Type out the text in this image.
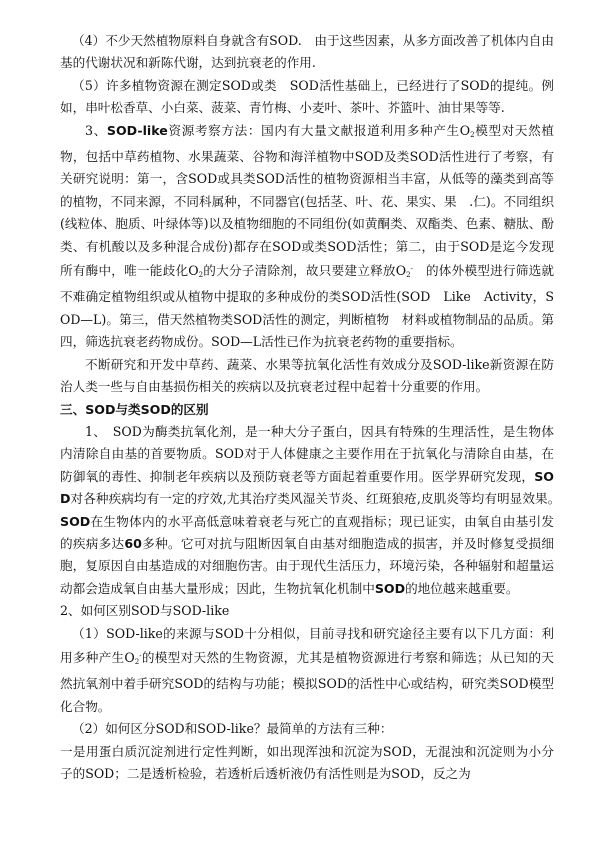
（4）不少天然植物原料自身就含有SOD.　由于这些因素，从多方面改善了机体内自由基的代谢状况和新陈代谢，达到抗衰老的作用.

（5）许多植物资源在测定SOD或类　SOD活性基础上，已经进行了SOD的提纯。例如，串叶松香草、小白菜、菠菜、青竹梅、小麦叶、茶叶、芥篮叶、油甘果等等.

3、SOD-like资源考察方法：国内有大量文献报道利用多种产生$O_2$模型对天然植物，包括中草药植物、水果蔬菜、谷物和海洋植物中SOD及类SOD活性进行了考察，有关研究说明：第一，含SOD或具类SOD活性的植物资源相当丰富，从低等的藻类到高等的植物，不同来源，不同科属种，不同器官(包括茎、叶、花、果实、果　.仁)。不同组织(线粒体、胞质、叶绿体等)以及植物细胞的不同组份(如黄酮类、双酯类、色素、糖肽、酚类、有机酸以及多种混合成份)都存在SOD或类SOD活性；第二，由于SOD是迄今发现所有酶中，唯一能歧化$O_2$的大分子清除剂，故只要建立释放$O_2^-$　的体外模型进行筛选就不难确定植物组织或从植物中提取的多种成份的类SOD活性(SOD　Like　Activity，SOD—L)。第三，借天然植物类SOD活性的测定，判断植物　材料或植物制品的品质。第四，筛选抗衰老药物成份。SOD—L活性已作为抗衰老药物的重要指标。

不断研究和开发中草药、蔬菜、水果等抗氧化活性有效成分及SOD-like新资源在防治人类一些与自由基损伤相关的疾病以及抗衰老过程中起着十分重要的作用。

三、SOD与类SOD的区别

1、　SOD为酶类抗氧化剂，是一种大分子蛋白，因具有特殊的生理活性，是生物体内清除自由基的首要物质。SOD对于人体健康之主要作用在于抗氧化与清除自由基，在防御氧的毒性、抑制老年疾病以及预防衰老等方面起着重要作用。医学界研究发现，SOD对各种疾病均有一定的疗效,尤其治疗类风湿关节炎、红斑狼疮,皮肌炎等均有明显效果。　SOD在生物体内的水平高低意味着衰老与死亡的直观指标；现已证实，由氧自由基引发的疾病多达60多种。它可对抗与阻断因氧自由基对细胞造成的损害，并及时修复受损细胞，复原因自由基造成的对细胞伤害。由于现代生活压力，环境污染，各种辐射和超量运动都会造成氧自由基大量形成；因此，生物抗氧化机制中SOD的地位越来越重要。

2、如何区别SOD与SOD-like

（1）SOD-like的来源与SOD十分相似，目前寻找和研究途径主要有以下几方面：利用多种产生$O_2^-$的模型对天然的生物资源，尤其是植物资源进行考察和筛选；从已知的天然抗氧剂中着手研究SOD的结构与功能；模拟SOD的活性中心或结构，研究类SOD模型化合物。

（2）如何区分SOD和SOD-like？最简单的方法有三种：

一是用蛋白质沉淀剂进行定性判断，如出现浑浊和沉淀为SOD，无混浊和沉淀则为小分子的SOD；二是透析检验，若透析后透析液仍有活性则是为SOD，反之为
